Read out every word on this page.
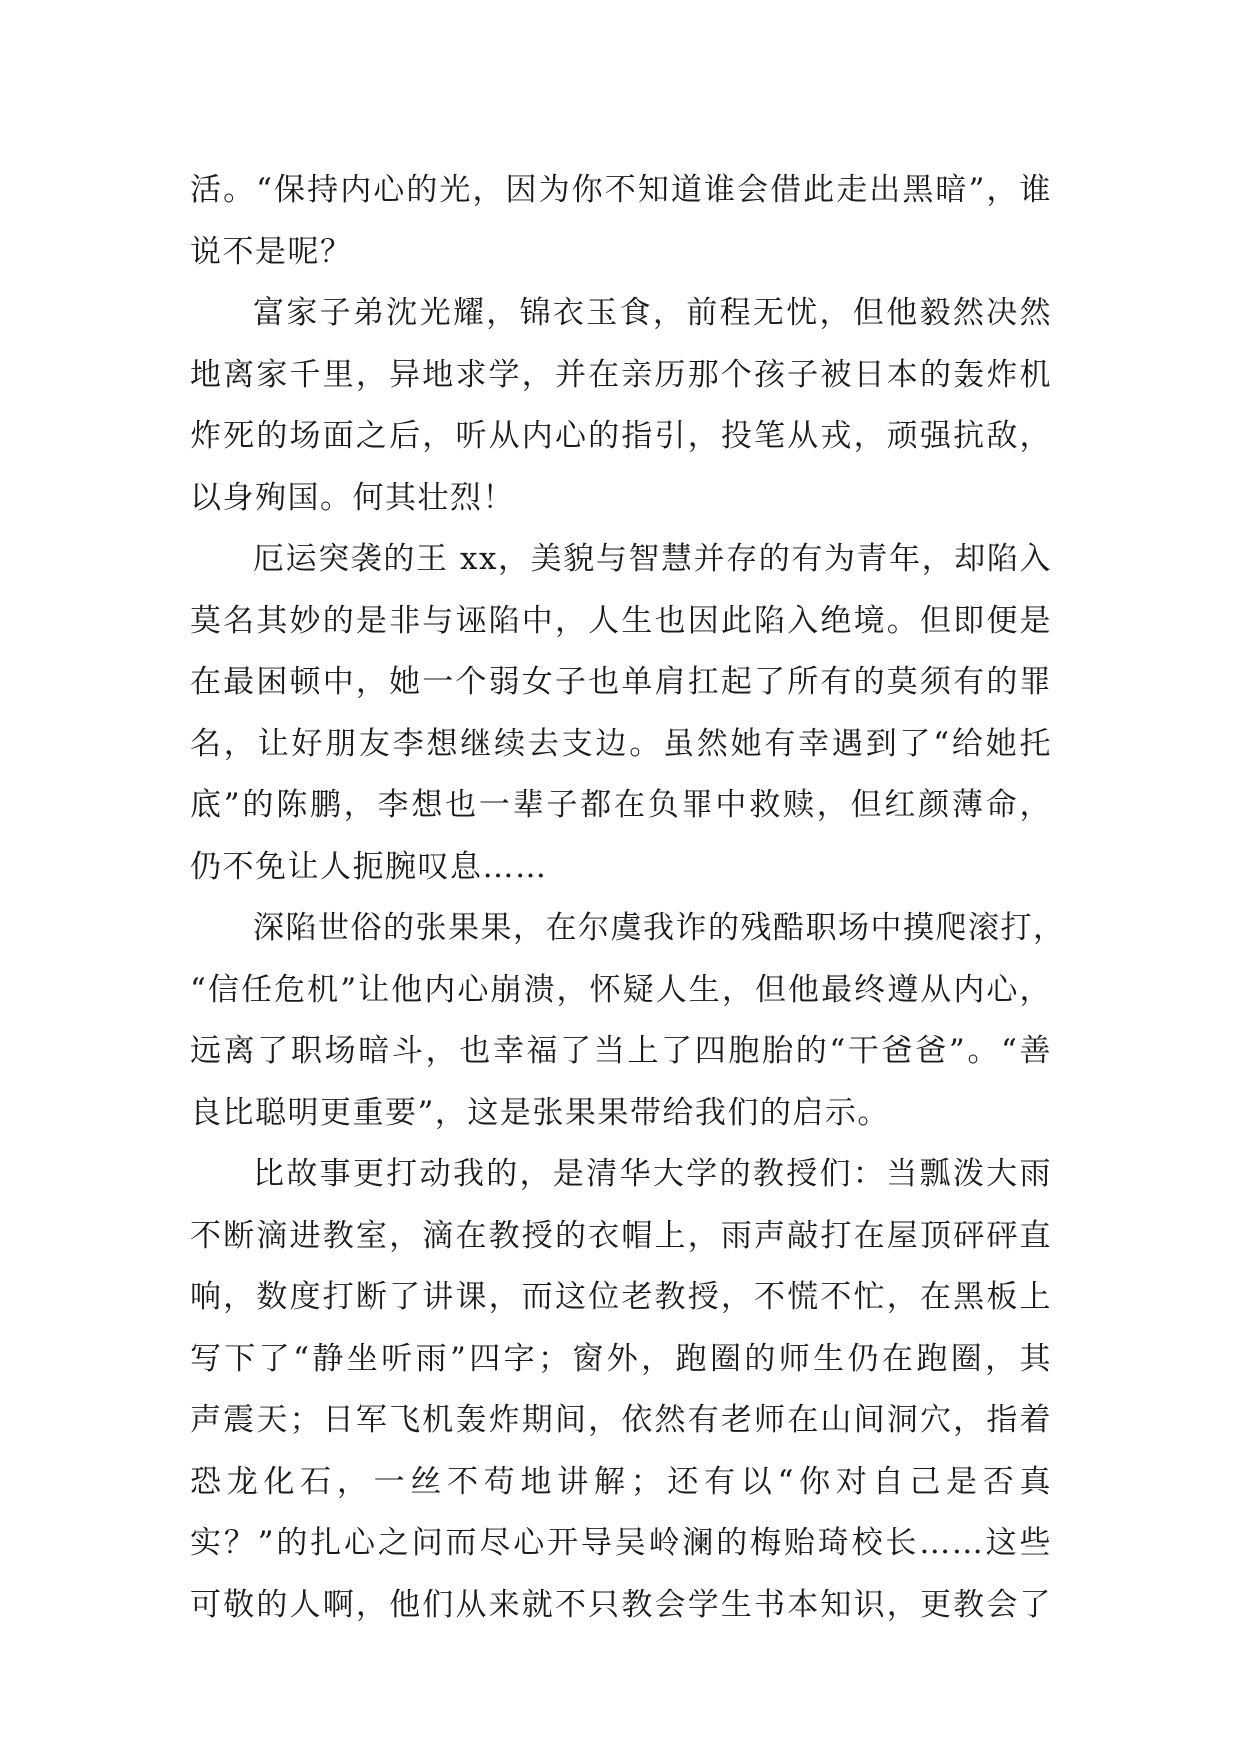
活。“保持内心的光，因为你不知道谁会借此走出黑暗”，谁
说不是呢？
富家子弟沈光耀，锦衣玉食，前程无忧，但他毅然决然
地离家千里，异地求学，并在亲历那个孩子被日本的轰炸机
炸死的场面之后，听从内心的指引，投笔从戎，顽强抗敌，
以身殉国。何其壮烈！
厄运突袭的王 xx，美貌与智慧并存的有为青年，却陷入
莫名其妙的是非与诬陷中，人生也因此陷入绝境。但即便是
在最困顿中，她一个弱女子也单肩扛起了所有的莫须有的罪
名，让好朋友李想继续去支边。虽然她有幸遇到了“给她托
底”的陈鹏，李想也一辈子都在负罪中救赎，但红颜薄命，
仍不免让人扼腕叹息……
深陷世俗的张果果，在尔虞我诈的残酷职场中摸爬滚打，
“信任危机”让他内心崩溃，怀疑人生，但他最终遵从内心，
远离了职场暗斗，也幸福了当上了四胞胎的“干爸爸”。“善
良比聪明更重要”，这是张果果带给我们的启示。
比故事更打动我的，是清华大学的教授们：当瓢泼大雨
不断滴进教室，滴在教授的衣帽上，雨声敲打在屋顶砰砰直
响，数度打断了讲课，而这位老教授，不慌不忙，在黑板上
写下了“静坐听雨”四字；窗外，跑圈的师生仍在跑圈，其
声震天；日军飞机轰炸期间，依然有老师在山间洞穴，指着
恐龙化石，一丝不苟地讲解；还有以“你对自己是否真
实？”的扎心之问而尽心开导吴岭澜的梅贻琦校长……这些
可敬的人啊，他们从来就不只教会学生书本知识，更教会了
